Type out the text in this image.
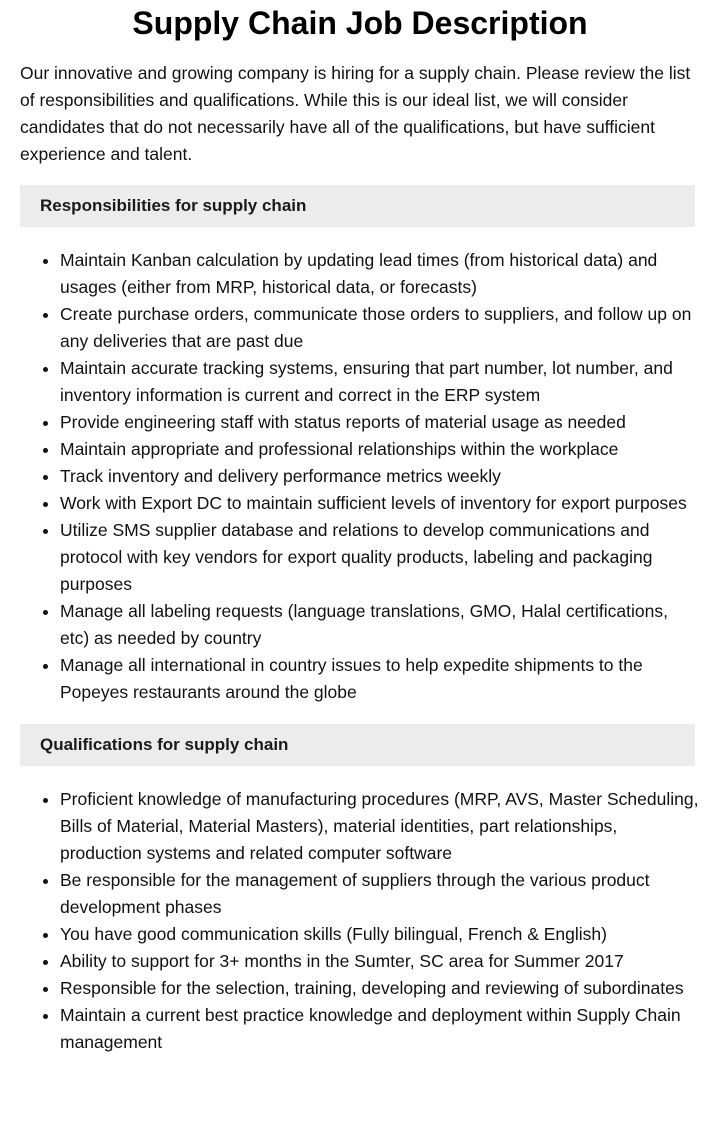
Supply Chain Job Description

Our innovative and growing company is hiring for a supply chain. Please review the list of responsibilities and qualifications. While this is our ideal list, we will consider candidates that do not necessarily have all of the qualifications, but have sufficient experience and talent.

Responsibilities for supply chain
• Maintain Kanban calculation by updating lead times (from historical data) and usages (either from MRP, historical data, or forecasts)
• Create purchase orders, communicate those orders to suppliers, and follow up on any deliveries that are past due
• Maintain accurate tracking systems, ensuring that part number, lot number, and inventory information is current and correct in the ERP system
• Provide engineering staff with status reports of material usage as needed
• Maintain appropriate and professional relationships within the workplace
• Track inventory and delivery performance metrics weekly
• Work with Export DC to maintain sufficient levels of inventory for export purposes
• Utilize SMS supplier database and relations to develop communications and protocol with key vendors for export quality products, labeling and packaging purposes
• Manage all labeling requests (language translations, GMO, Halal certifications, etc) as needed by country
• Manage all international in country issues to help expedite shipments to the Popeyes restaurants around the globe
Qualifications for supply chain
• Proficient knowledge of manufacturing procedures (MRP, AVS, Master Scheduling, Bills of Material, Material Masters), material identities, part relationships, production systems and related computer software
• Be responsible for the management of suppliers through the various product development phases
• You have good communication skills (Fully bilingual, French & English)
• Ability to support for 3+ months in the Sumter, SC area for Summer 2017
• Responsible for the selection, training, developing and reviewing of subordinates
• Maintain a current best practice knowledge and deployment within Supply Chain management
